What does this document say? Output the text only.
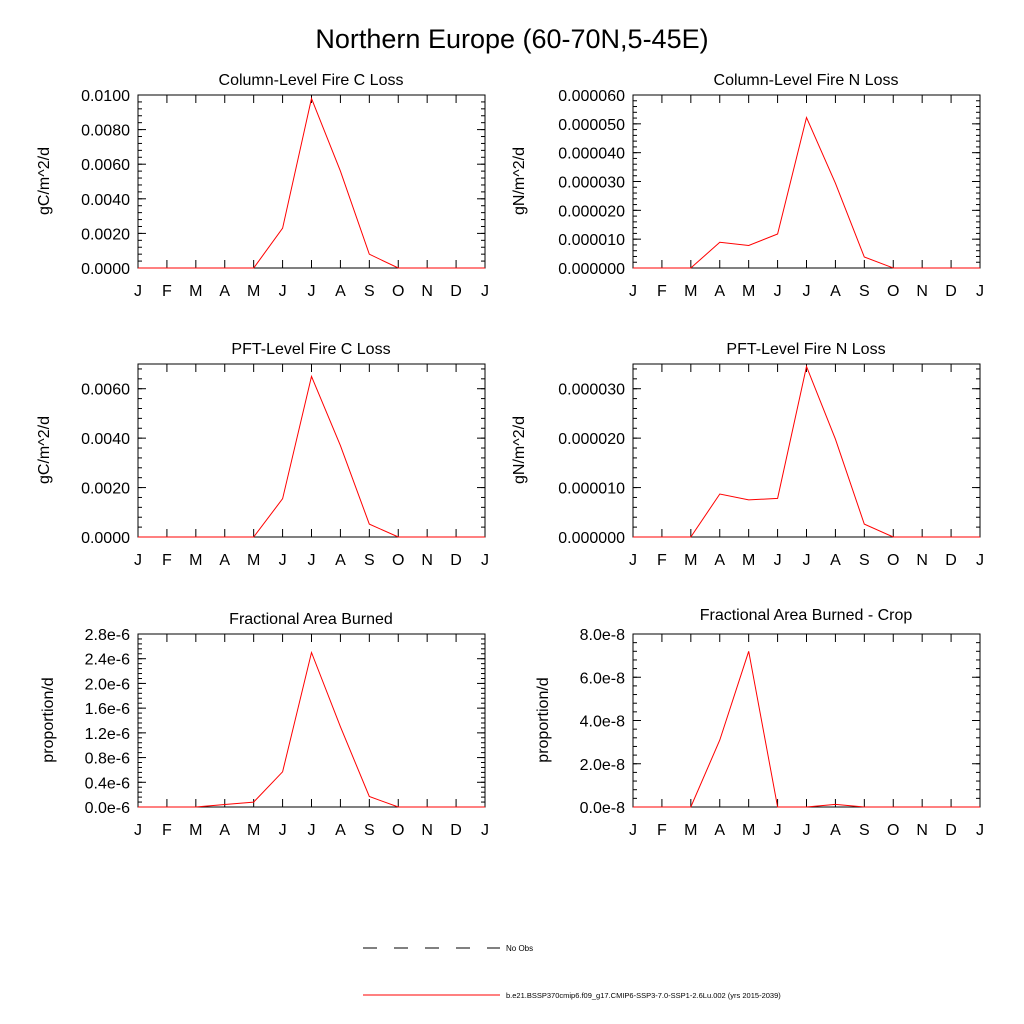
Northern Europe (60-70N,5-45E)
Column-Level Fire C Loss
gC/m^2/d
J F M A M J J A S O N D J
0.0000
0.0020
0.0040
0.0060
0.0080
0.0100
Column-Level Fire N Loss
gN/m^2/d
J F M A M J J A S O N D J
0.000000
0.000010
0.000020
0.000030
0.000040
0.000050
0.000060
PFT-Level Fire C Loss
gC/m^2/d
J F M A M J J A S O N D J
0.0000
0.0020
0.0040
0.0060
PFT-Level Fire N Loss
gN/m^2/d
J F M A M J J A S O N D J
0.000000
0.000010
0.000020
0.000030
Fractional Area Burned
proportion/d
J F M A M J J A S O N D J
0.0e-6
0.4e-6
0.8e-6
1.2e-6
1.6e-6
2.0e-6
2.4e-6
2.8e-6
Fractional Area Burned - Crop
proportion/d
J F M A M J J A S O N D J
0.0e-8
2.0e-8
4.0e-8
6.0e-8
8.0e-8
No Obs
b.e21.BSSP370cmip6.f09_g17.CMIP6-SSP3-7.0-SSP1-2.6Lu.002 (yrs 2015-2039)
